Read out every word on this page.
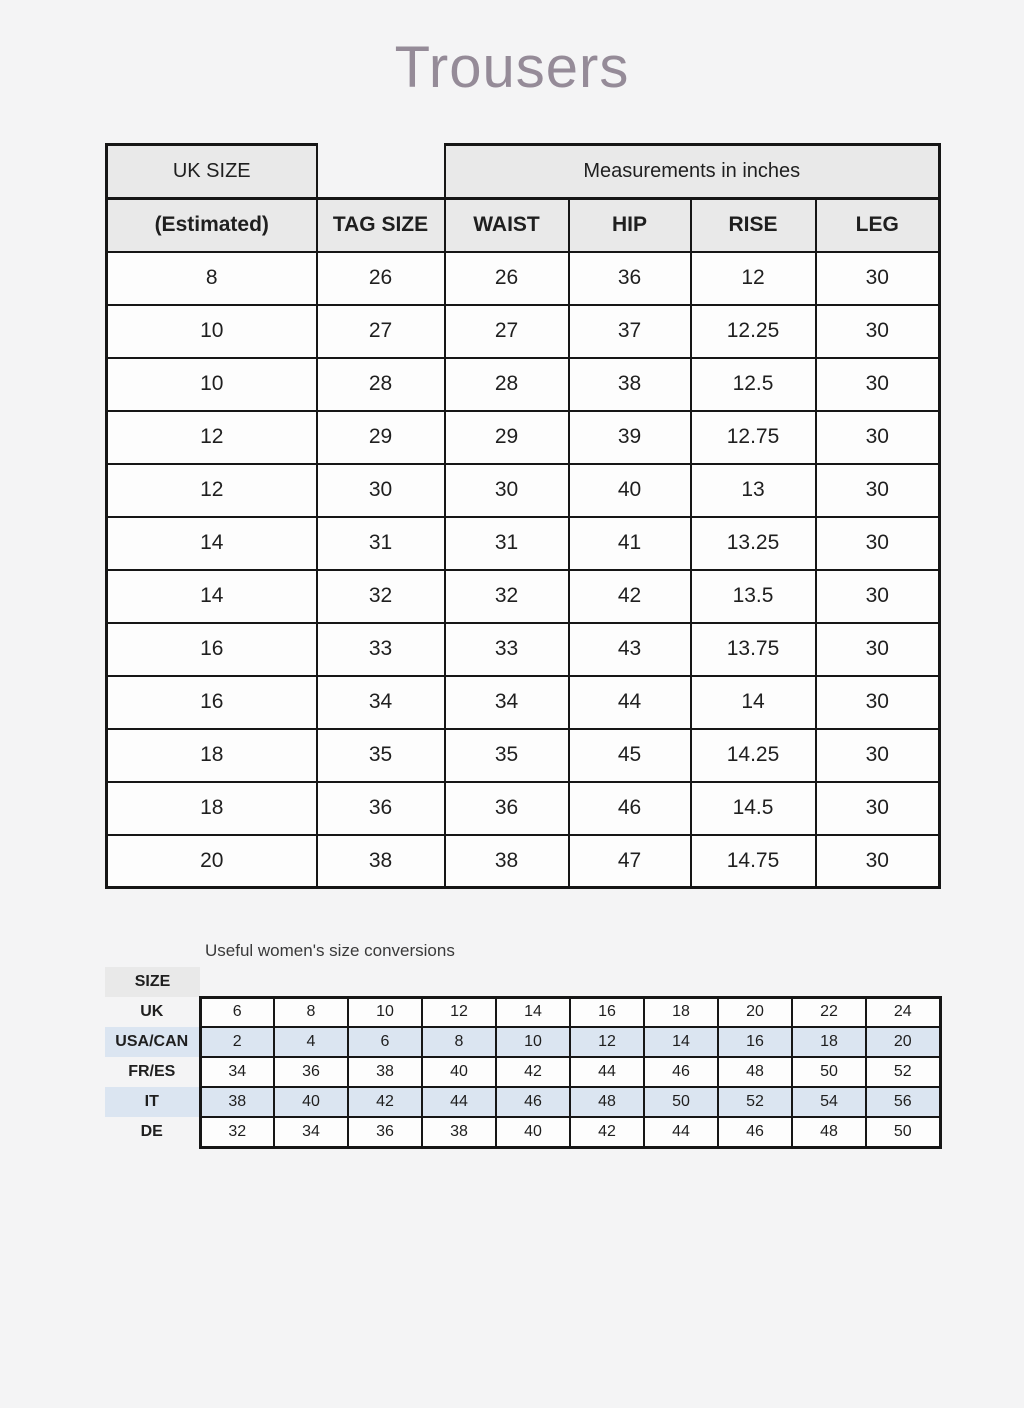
Trousers
UK SIZE		Measurements in inches			
(Estimated)	TAG SIZE	WAIST	HIP	RISE	LEG
8	26	26	36	12	30
10	27	27	37	12.25	30
10	28	28	38	12.5	30
12	29	29	39	12.75	30
12	30	30	40	13	30
14	31	31	41	13.25	30
14	32	32	42	13.5	30
16	33	33	43	13.75	30
16	34	34	44	14	30
18	35	35	45	14.25	30
18	36	36	46	14.5	30
20	38	38	47	14.75	30
Useful women's size conversions
SIZE										
UK	6	8	10	12	14	16	18	20	22	24
USA/CAN	2	4	6	8	10	12	14	16	18	20
FR/ES	34	36	38	40	42	44	46	48	50	52
IT	38	40	42	44	46	48	50	52	54	56
DE	32	34	36	38	40	42	44	46	48	50
